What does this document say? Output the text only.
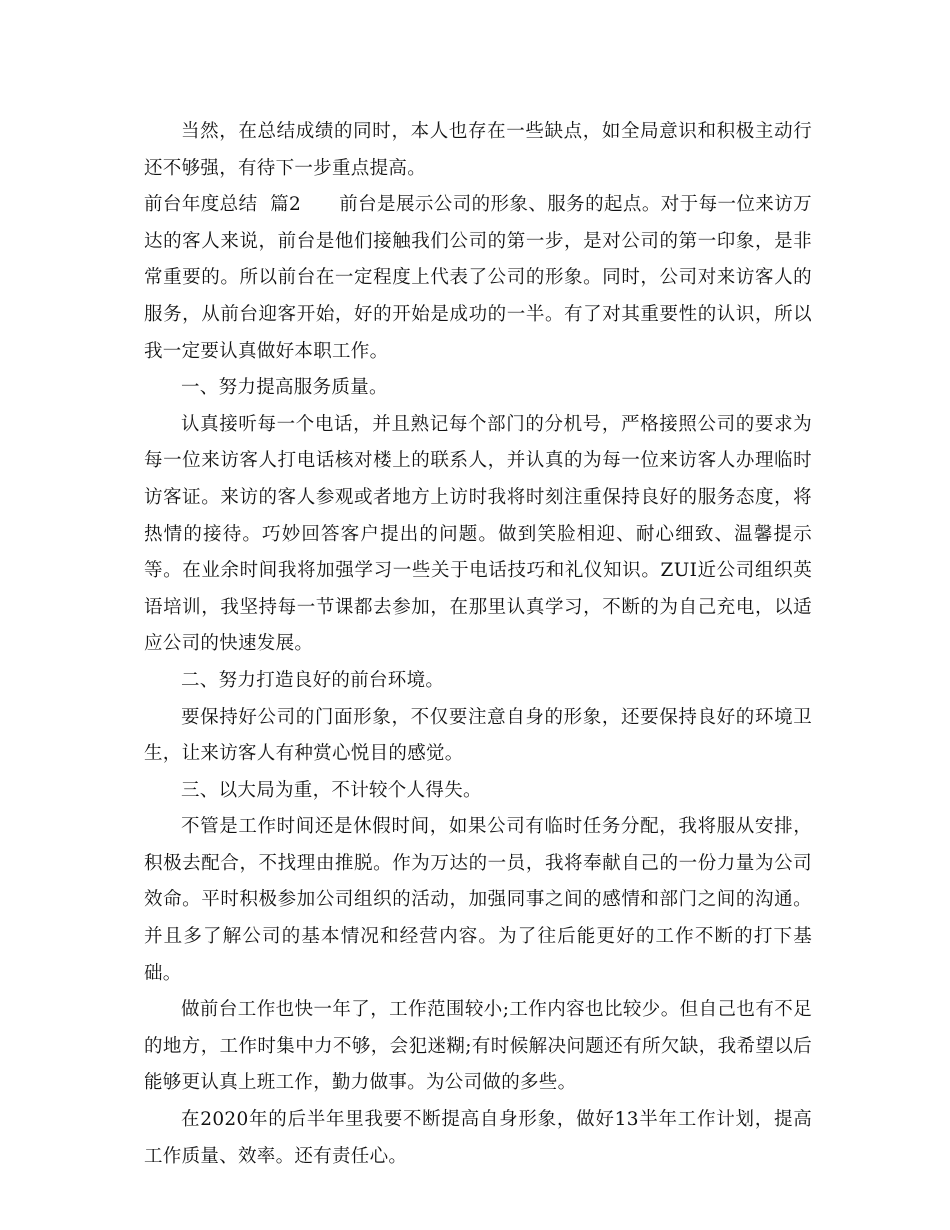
当然，在总结成绩的同时，本人也存在一些缺点，如全局意识和积极主动行还不够强，有待下一步重点提高。

前台年度总结  篇2 前台是展示公司的形象、服务的起点。对于每一位来访万达的客人来说，前台是他们接触我们公司的第一步，是对公司的第一印象，是非常重要的。所以前台在一定程度上代表了公司的形象。同时，公司对来访客人的服务，从前台迎客开始，好的开始是成功的一半。有了对其重要性的认识，所以我一定要认真做好本职工作。

一、努力提高服务质量。

认真接听每一个电话，并且熟记每个部门的分机号，严格接照公司的要求为每一位来访客人打电话核对楼上的联系人，并认真的为每一位来访客人办理临时访客证。来访的客人参观或者地方上访时我将时刻注重保持良好的服务态度，将热情的接待。巧妙回答客户提出的问题。做到笑脸相迎、耐心细致、温馨提示等。在业余时间我将加强学习一些关于电话技巧和礼仪知识。ZUI近公司组织英语培训，我坚持每一节课都去参加，在那里认真学习，不断的为自己充电，以适应公司的快速发展。

二、努力打造良好的前台环境。

要保持好公司的门面形象，不仅要注意自身的形象，还要保持良好的环境卫生，让来访客人有种赏心悦目的感觉。

三、以大局为重，不计较个人得失。

不管是工作时间还是休假时间，如果公司有临时任务分配，我将服从安排，积极去配合，不找理由推脱。作为万达的一员，我将奉献自己的一份力量为公司效命。平时积极参加公司组织的活动，加强同事之间的感情和部门之间的沟通。并且多了解公司的基本情况和经营内容。为了往后能更好的工作不断的打下基础。

做前台工作也快一年了，工作范围较小;工作内容也比较少。但自己也有不足的地方，工作时集中力不够，会犯迷糊;有时候解决问题还有所欠缺，我希望以后能够更认真上班工作，勤力做事。为公司做的多些。

在2020年的后半年里我要不断提高自身形象，做好13半年工作计划，提高工作质量、效率。还有责任心。
